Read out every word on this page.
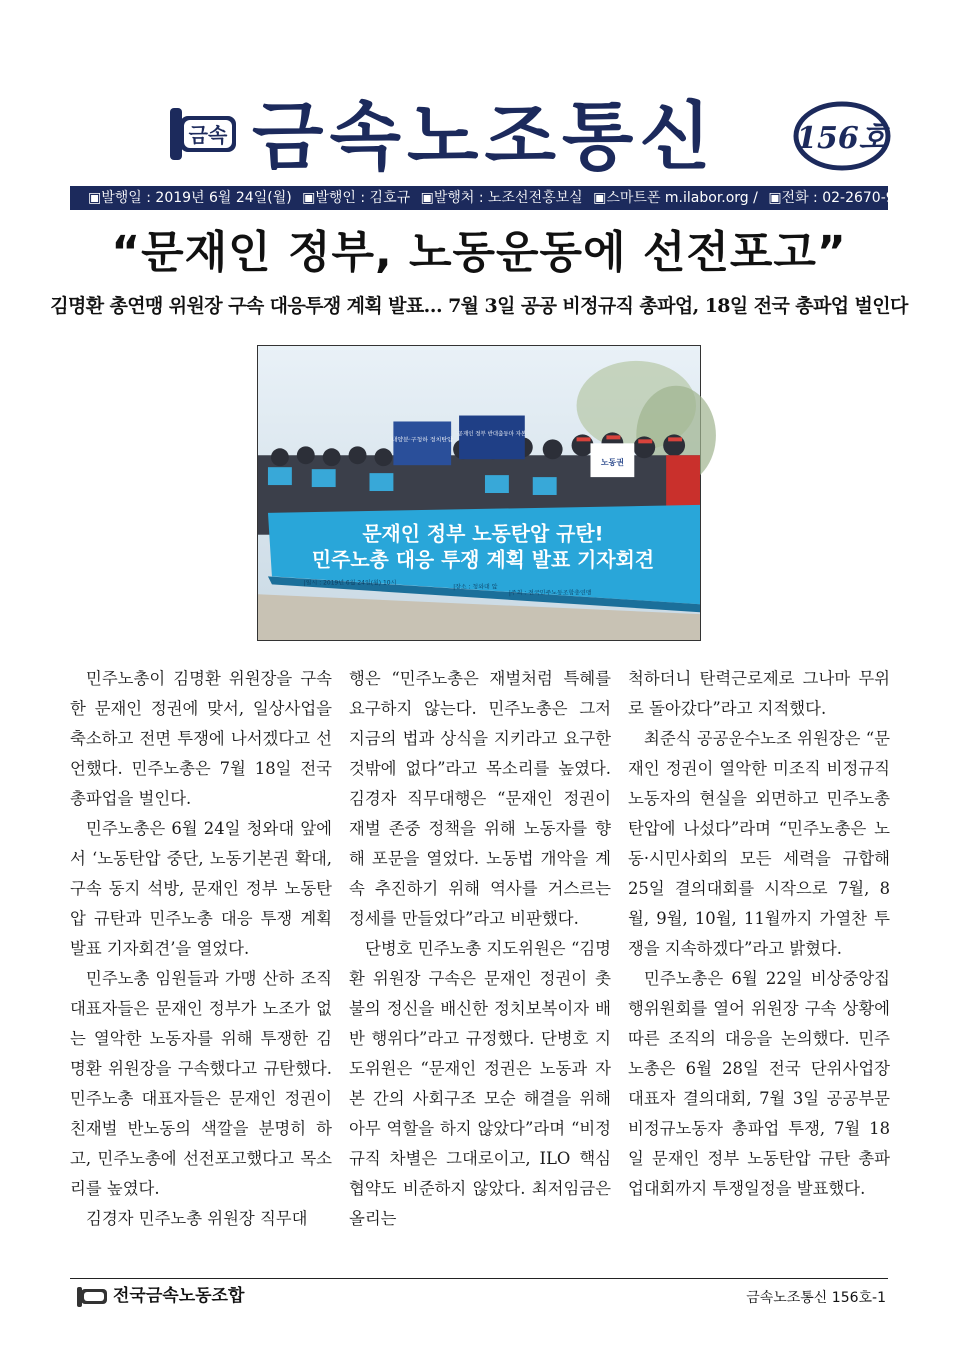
금속 금속노조통신	156호
▣발행일 : 2019년 6월 24일(월) ▣발행인 : 김호규 ▣발행처 : 노조선전홍보실 ▣스마트폰 m.ilabor.org / ▣전화 : 02-2670-9507
“문재인 정부, 노동운동에 선전포고”
김명환 총연맹 위원장 구속 대응투쟁 계획 발표… 7월 3일 공공 비정규직 총파업, 18일 전국 총파업 벌인다
내양분·구청하 정치탄압
공재인 정부 반대출동마 자본
노동권
문재인 정부 노동탄압 규탄!
민주노총 대응 투쟁 계획 발표 기자회견
|일시 : 2019년 6월 24일(월) 10시
|장소 : 청와대 앞
|주최 : 전국민주노동조합총연맹

민주노총이 김명환 위원장을 구속한 문재인 정권에 맞서, 일상사업을 축소하고 전면 투쟁에 나서겠다고 선언했다. 민주노총은 7월 18일 전국 총파업을 벌인다.

민주노총은 6월 24일 청와대 앞에서 ‘노동탄압 중단, 노동기본권 확대, 구속 동지 석방, 문재인 정부 노동탄압 규탄과 민주노총 대응 투쟁 계획 발표 기자회견’을 열었다.

민주노총 임원들과 가맹 산하 조직 대표자들은 문재인 정부가 노조가 없는 열악한 노동자를 위해 투쟁한 김명환 위원장을 구속했다고 규탄했다. 민주노총 대표자들은 문재인 정권이 친재벌 반노동의 색깔을 분명히 하고, 민주노총에 선전포고했다고 목소리를 높였다.

김경자 민주노총 위원장 직무대

행은 “민주노총은 재벌처럼 특혜를 요구하지 않는다. 민주노총은 그저 지금의 법과 상식을 지키라고 요구한 것밖에 없다”라고 목소리를 높였다. 김경자 직무대행은 “문재인 정권이 재벌 존중 정책을 위해 노동자를 향해 포문을 열었다. 노동법 개악을 계속 추진하기 위해 역사를 거스르는 정세를 만들었다”라고 비판했다.

단병호 민주노총 지도위원은 “김명환 위원장 구속은 문재인 정권이 촛불의 정신을 배신한 정치보복이자 배반 행위다”라고 규정했다. 단병호 지도위원은 “문재인 정권은 노동과 자본 간의 사회구조 모순 해결을 위해 아무 역할을 하지 않았다”라며 “비정규직 차별은 그대로이고, ILO 핵심협약도 비준하지 않았다. 최저임금은 올리는

척하더니 탄력근로제로 그나마 무위로 돌아갔다”라고 지적했다.

최준식 공공운수노조 위원장은 “문재인 정권이 열악한 미조직 비정규직 노동자의 현실을 외면하고 민주노총 탄압에 나섰다”라며 “민주노총은 노동·시민사회의 모든 세력을 규합해 25일 결의대회를 시작으로 7월, 8월, 9월, 10월, 11월까지 가열찬 투쟁을 지속하겠다”라고 밝혔다.

민주노총은 6월 22일 비상중앙집행위원회를 열어 위원장 구속 상황에 따른 조직의 대응을 논의했다. 민주노총은 6월 28일 전국 단위사업장 대표자 결의대회, 7월 3일 공공부문 비정규노동자 총파업 투쟁, 7월 18일 문재인 정부 노동탄압 규탄 총파업대회까지 투쟁일정을 발표했다.

전국금속노동조합	금속노조통신 156호-1
